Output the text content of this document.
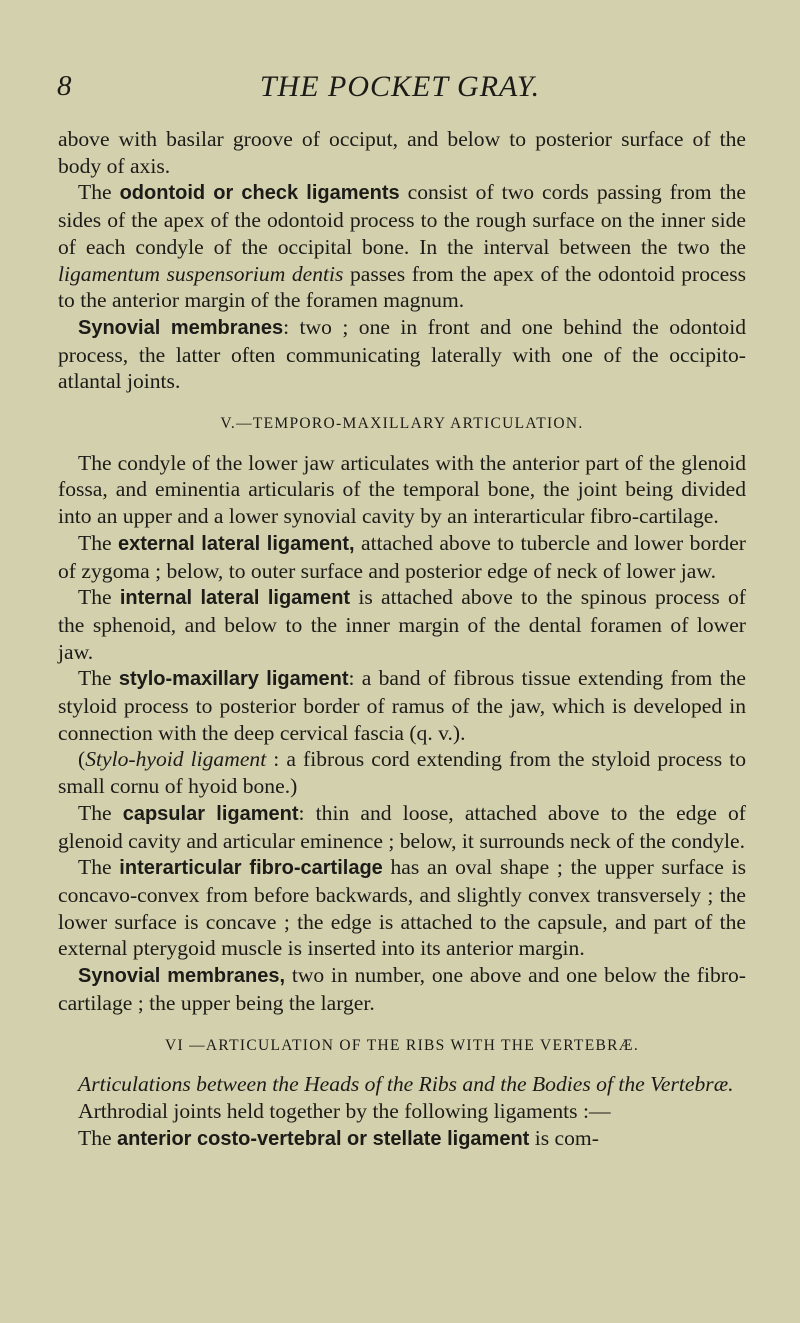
8	THE POCKET GRAY.

above with basilar groove of occiput, and below to posterior surface of the body of axis.

The odontoid or check ligaments consist of two cords passing from the sides of the apex of the odontoid process to the rough surface on the inner side of each condyle of the occipital bone. In the interval between the two the ligamentum suspensorium dentis passes from the apex of the odontoid process to the anterior margin of the foramen magnum.

Synovial membranes: two ; one in front and one behind the odontoid process, the latter often communicating laterally with one of the occipito-atlantal joints.

V.—TEMPORO-MAXILLARY ARTICULATION.

The condyle of the lower jaw articulates with the anterior part of the glenoid fossa, and eminentia articularis of the temporal bone, the joint being divided into an upper and a lower synovial cavity by an interarticular fibro-cartilage.

The external lateral ligament, attached above to tubercle and lower border of zygoma ; below, to outer surface and posterior edge of neck of lower jaw.

The internal lateral ligament is attached above to the spinous process of the sphenoid, and below to the inner margin of the dental foramen of lower jaw.

The stylo-maxillary ligament: a band of fibrous tissue extending from the styloid process to posterior border of ramus of the jaw, which is developed in connection with the deep cervical fascia (q. v.).

(Stylo-hyoid ligament : a fibrous cord extending from the styloid process to small cornu of hyoid bone.)

The capsular ligament: thin and loose, attached above to the edge of glenoid cavity and articular eminence ; below, it surrounds neck of the condyle.

The interarticular fibro-cartilage has an oval shape ; the upper surface is concavo-convex from before backwards, and slightly convex transversely ; the lower surface is concave ; the edge is attached to the capsule, and part of the external pterygoid muscle is inserted into its anterior margin.

Synovial membranes, two in number, one above and one below the fibro-cartilage ; the upper being the larger.

VI —ARTICULATION OF THE RIBS WITH THE VERTEBRÆ.

Articulations between the Heads of the Ribs and the Bodies of the Vertebræ.

Arthrodial joints held together by the following ligaments :—

The anterior costo-vertebral or stellate ligament is com-
